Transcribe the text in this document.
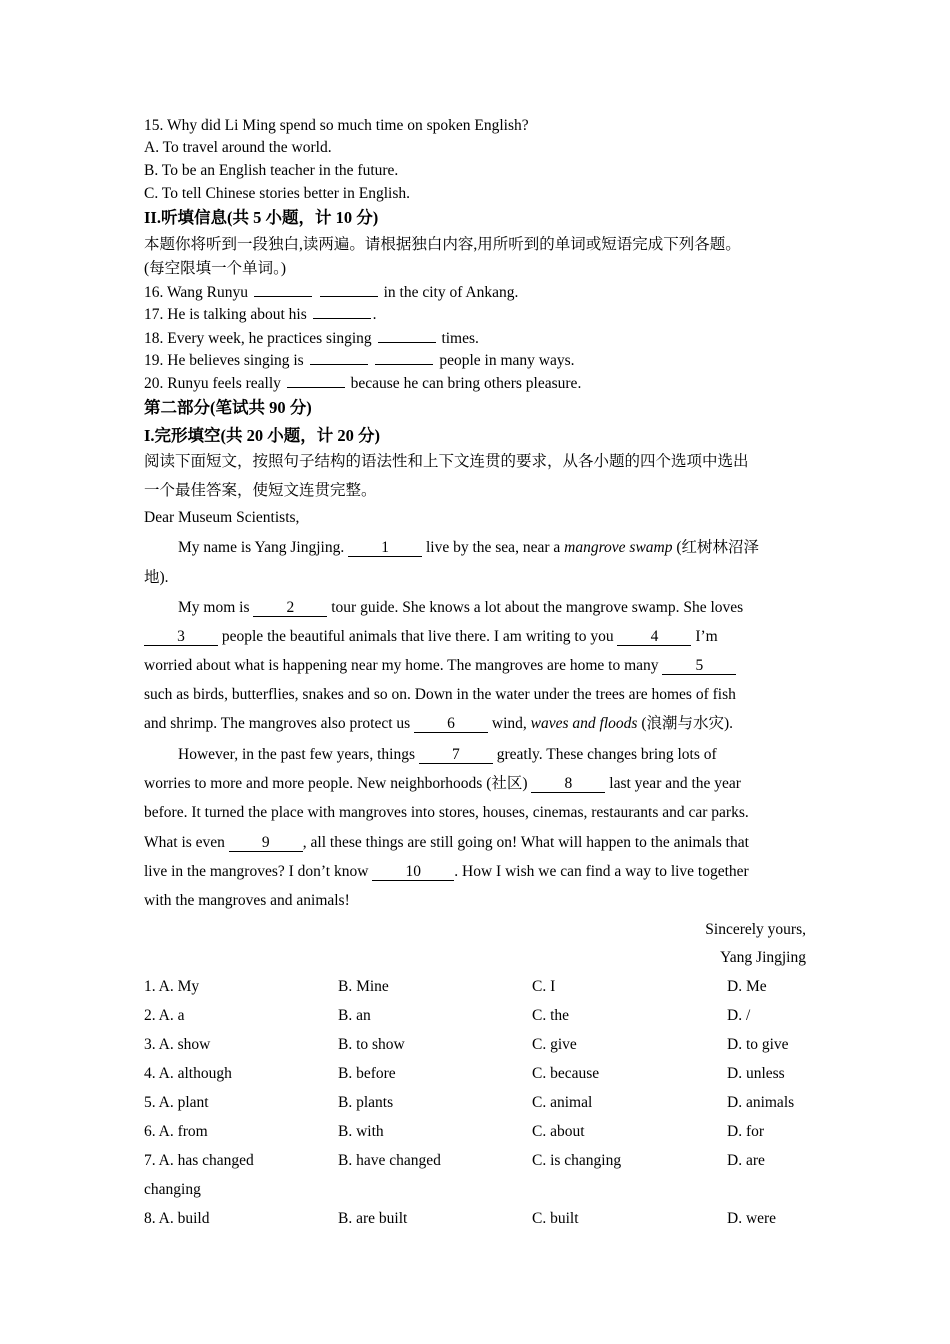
15. Why did Li Ming spend so much time on spoken English?
A. To travel around the world.
B. To be an English teacher in the future.
C. To tell Chinese stories better in English.
II.听填信息(共 5 小题，计 10 分)
本题你将听到一段独白,读两遍。请根据独白内容,用所听到的单词或短语完成下列各题。
(每空限填一个单词。)
16. Wang Runyu	in the city of Ankang.
17. He is talking about his	.
18. Every week, he practices singing	times.
19. He believes singing is	people in many ways.
20. Runyu feels really	because he can bring others pleasure.
第二部分(笔试共 90 分)
I.完形填空(共 20 小题，计 20 分)
阅读下面短文，按照句子结构的语法性和上下文连贯的要求，从各小题的四个选项中选出
一个最佳答案，使短文连贯完整。
Dear Museum Scientists,
My name is Yang Jingjing. 1 live by the sea, near a mangrove swamp (红树林沼泽
地).
My mom is 2 tour guide. She knows a lot about the mangrove swamp. She loves
3 people the beautiful animals that live there. I am writing to you 4 I’m
worried about what is happening near my home. The mangroves are home to many 5
such as birds, butterflies, snakes and so on. Down in the water under the trees are homes of fish
and shrimp. The mangroves also protect us 6 wind, waves and floods (浪潮与水灾).
However, in the past few years, things 7 greatly. These changes bring lots of
worries to more and more people. New neighborhoods (社区) 8 last year and the year
before. It turned the place with mangroves into stores, houses, cinemas, restaurants and car parks.
What is even 9 , all these things are still going on! What will happen to the animals that
live in the mangroves? I don’t know 10 . How I wish we can find a way to live together
with the mangroves and animals!
Sincerely yours,
Yang Jingjing
1. A. My	B. Mine	C. I	D. Me
2. A. a	B. an	C. the	D. /
3. A. show	B. to show	C. give	D. to give
4. A. although	B. before	C. because	D. unless
5. A. plant	B. plants	C. animal	D. animals
6. A. from	B. with	C. about	D. for
7. A. has changed	B. have changed	C. is changing	D. are
changing
8. A. build	B. are built	C. built	D. were
